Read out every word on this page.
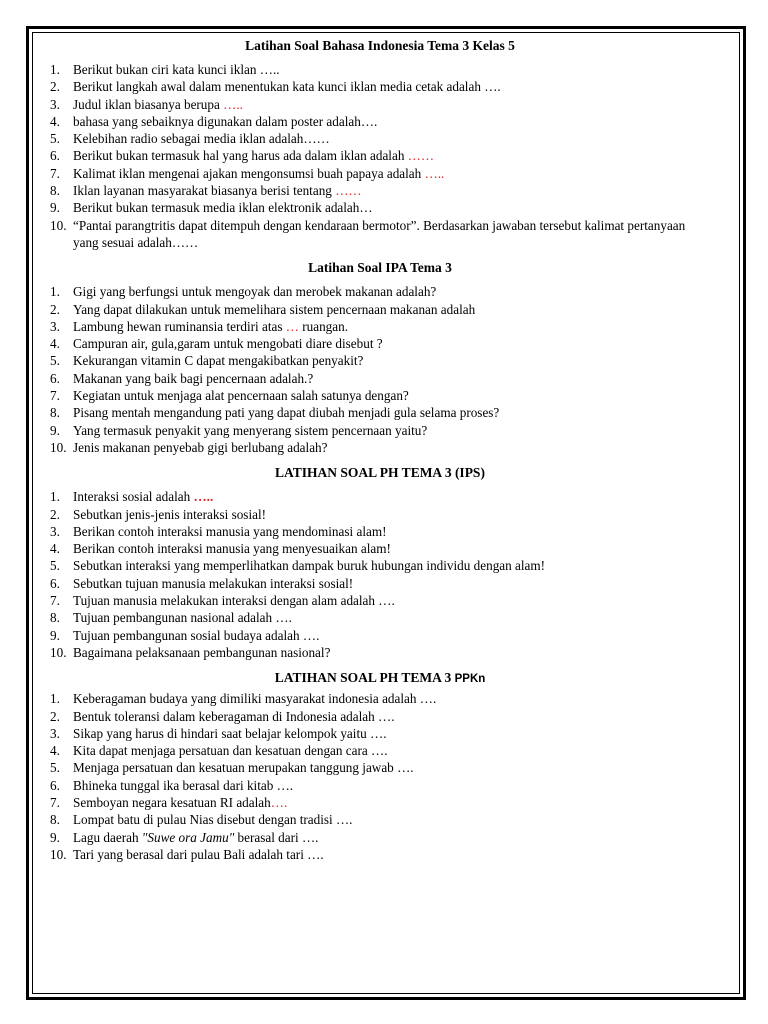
Latihan Soal Bahasa Indonesia Tema 3 Kelas 5
1. Berikut bukan ciri kata kunci iklan …..
2. Berikut langkah awal dalam menentukan kata kunci iklan media cetak adalah ….
3. Judul iklan biasanya berupa …..
4. bahasa yang sebaiknya digunakan dalam poster adalah….
5. Kelebihan radio sebagai media iklan adalah……
6. Berikut bukan termasuk hal yang harus ada dalam iklan adalah ……
7. Kalimat iklan mengenai ajakan mengonsumsi buah papaya adalah …..
8. Iklan layanan masyarakat biasanya berisi tentang ……
9. Berikut bukan termasuk media iklan elektronik adalah…
10. “Pantai parangtritis dapat ditempuh dengan kendaraan bermotor”. Berdasarkan jawaban tersebut kalimat pertanyaan yang sesuai adalah……
Latihan Soal IPA Tema 3
1. Gigi yang berfungsi untuk mengoyak dan merobek makanan adalah?
2. Yang dapat dilakukan untuk memelihara sistem pencernaan makanan adalah
3. Lambung hewan ruminansia terdiri atas … ruangan.
4. Campuran air, gula,garam untuk mengobati diare disebut ?
5. Kekurangan vitamin C dapat mengakibatkan penyakit?
6. Makanan yang baik bagi pencernaan adalah.?
7. Kegiatan untuk menjaga alat pencernaan salah satunya dengan?
8. Pisang mentah mengandung pati yang dapat diubah menjadi gula selama proses?
9. Yang termasuk penyakit yang menyerang sistem pencernaan yaitu?
10. Jenis makanan penyebab gigi berlubang adalah?
LATIHAN SOAL PH TEMA 3 (IPS)
1. Interaksi sosial adalah …..
2. Sebutkan jenis-jenis interaksi sosial!
3. Berikan contoh interaksi manusia yang mendominasi alam!
4. Berikan contoh interaksi manusia yang menyesuaikan alam!
5. Sebutkan interaksi yang memperlihatkan dampak buruk hubungan individu dengan alam!
6. Sebutkan tujuan manusia melakukan interaksi sosial!
7. Tujuan manusia melakukan interaksi dengan alam adalah ….
8. Tujuan pembangunan nasional adalah ….
9. Tujuan pembangunan sosial budaya adalah ….
10. Bagaimana pelaksanaan pembangunan nasional?
LATIHAN SOAL PH TEMA 3 PPKn
1. Keberagaman budaya yang dimiliki masyarakat indonesia adalah ….
2. Bentuk toleransi dalam keberagaman di Indonesia adalah ….
3. Sikap yang harus di hindari saat belajar kelompok yaitu ….
4. Kita dapat menjaga persatuan dan kesatuan dengan cara ….
5. Menjaga persatuan dan kesatuan merupakan tanggung jawab ….
6. Bhineka tunggal ika berasal dari kitab ….
7. Semboyan negara kesatuan RI adalah….
8. Lompat batu di pulau Nias disebut dengan tradisi ….
9. Lagu daerah "Suwe ora Jamu" berasal dari ….
10. Tari yang berasal dari pulau Bali adalah tari ….
